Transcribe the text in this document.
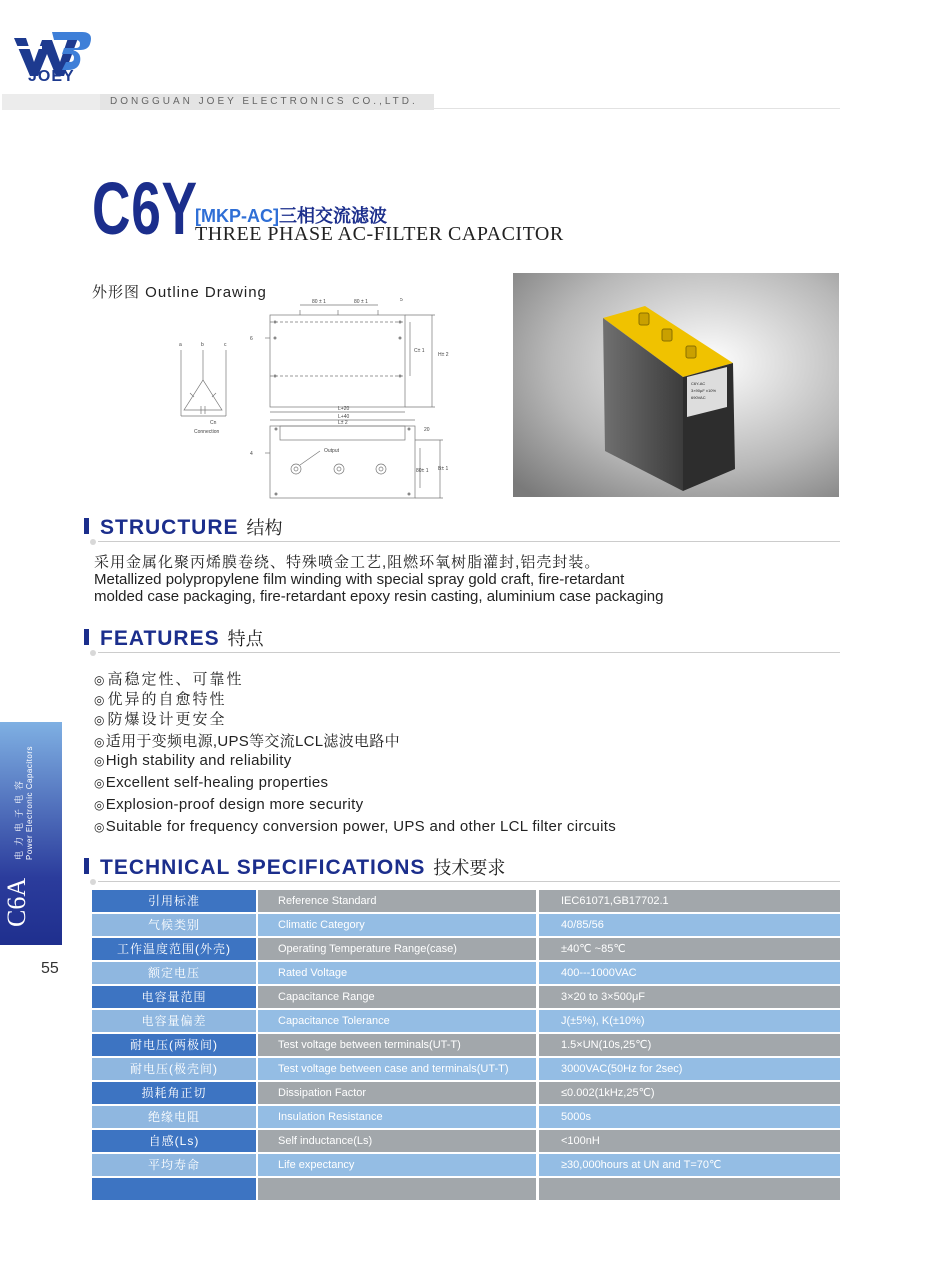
JOEY
DONGGUAN JOEY ELECTRONICS CO.,LTD.
C6Y
[MKP-AC]三相交流滤波
THREE PHASE AC-FILTER CAPACITOR
外形图 Outline Drawing
80 ± 1	80 ± 1	5
6
C± 1
H± 2
L+20
L+40
L± 2
20
4	Output
80± 1 B± 1
a	b	c
Cn
Connection
C6Y-AC
3×90µF ±10%
690VAC
STRUCTURE 结构
采用金属化聚丙烯膜卷绕、特殊喷金工艺,阻燃环氧树脂灌封,铝壳封装。
Metallized polypropylene film winding with special spray gold craft, fire-retardant
molded case packaging, fire-retardant epoxy resin casting, aluminium case packaging
FEATURES 特点
◎高稳定性、可靠性
◎优异的自愈特性
◎防爆设计更安全
◎适用于变频电源,UPS等交流LCL滤波电路中
◎High stability and reliability
◎Excellent self-healing properties
◎Explosion-proof design more security
◎Suitable for frequency conversion power, UPS and other LCL filter circuits
电力电子电容 Power Electronic Capacitors
C6A
55
TECHNICAL SPECIFICATIONS 技术要求
引用标准	Reference Standard	IEC61071,GB17702.1
气候类别	Climatic Category	40/85/56
工作温度范围(外壳)	Operating Temperature Range(case)	±40℃ ~85℃
额定电压	Rated Voltage	400---1000VAC
电容量范围	Capacitance Range	3×20 to 3×500μF
电容量偏差	Capacitance Tolerance	J(±5%), K(±10%)
耐电压(两极间)	Test voltage between terminals(UT-T)	1.5×UN(10s,25℃)
耐电压(极壳间)	Test voltage between case and terminals(UT-T)	3000VAC(50Hz for 2sec)
损耗角正切	Dissipation Factor	≤0.002(1kHz,25℃)
绝缘电阻	Insulation Resistance	5000s
自感(Ls)	Self inductance(Ls)	<100nH
平均寿命	Life expectancy	≥30,000hours at UN and T=70℃
